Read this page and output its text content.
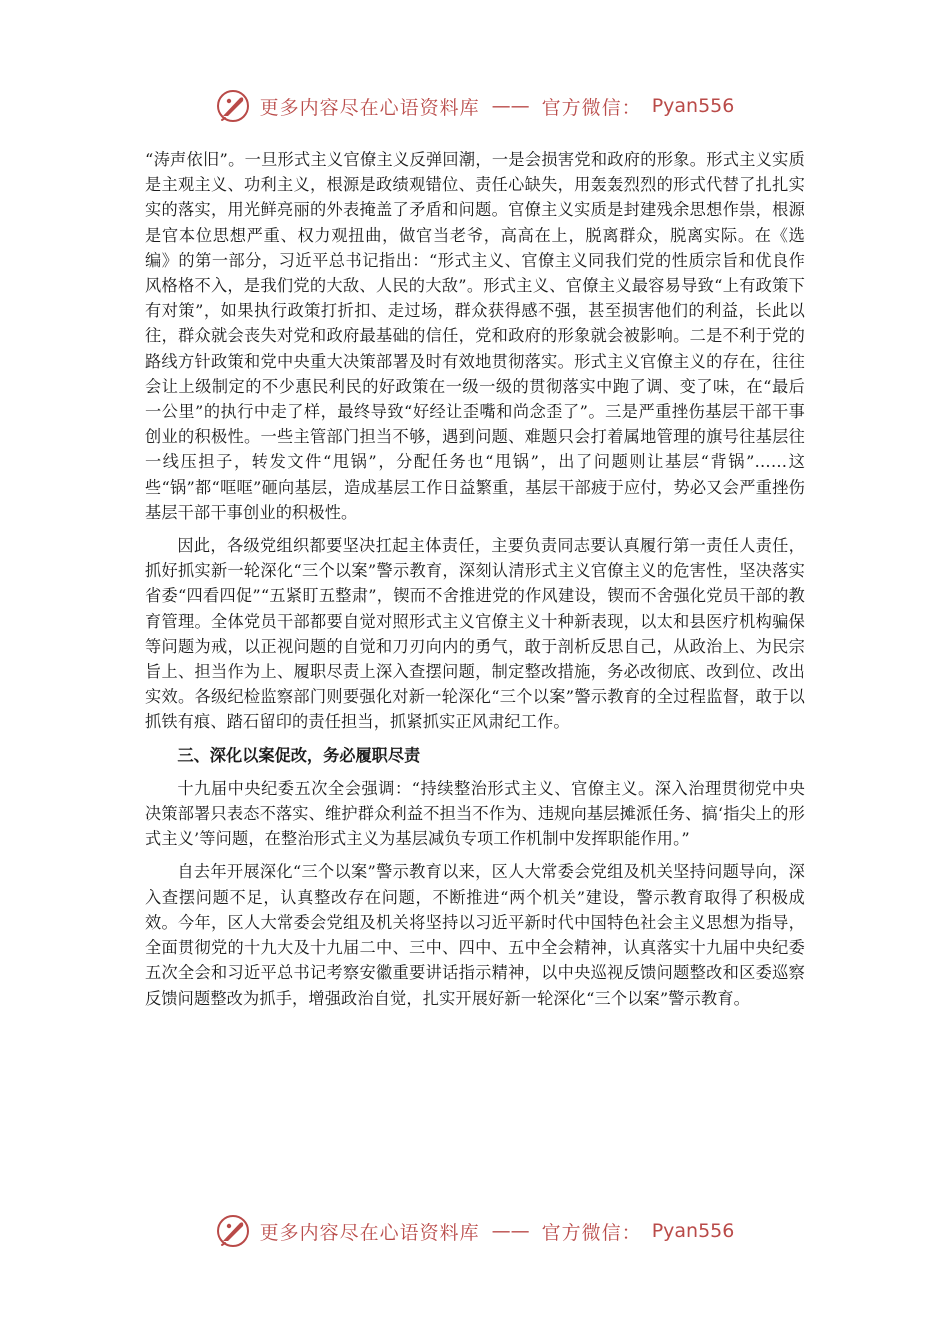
更多内容尽在心语资料库 —— 官方微信： Pyan556

“涛声依旧”。一旦形式主义官僚主义反弹回潮，一是会损害党和政府的形象。形式主义实质是主观主义、功利主义，根源是政绩观错位、责任心缺失，用轰轰烈烈的形式代替了扎扎实实的落实，用光鲜亮丽的外表掩盖了矛盾和问题。官僚主义实质是封建残余思想作祟，根源是官本位思想严重、权力观扭曲，做官当老爷，高高在上，脱离群众，脱离实际。在《选编》的第一部分，习近平总书记指出：“形式主义、官僚主义同我们党的性质宗旨和优良作风格格不入，是我们党的大敌、人民的大敌”。形式主义、官僚主义最容易导致“上有政策下有对策”，如果执行政策打折扣、走过场，群众获得感不强，甚至损害他们的利益，长此以往，群众就会丧失对党和政府最基础的信任，党和政府的形象就会被影响。二是不利于党的路线方针政策和党中央重大决策部署及时有效地贯彻落实。形式主义官僚主义的存在，往往会让上级制定的不少惠民利民的好政策在一级一级的贯彻落实中跑了调、变了味，在“最后一公里”的执行中走了样，最终导致“好经让歪嘴和尚念歪了”。三是严重挫伤基层干部干事创业的积极性。一些主管部门担当不够，遇到问题、难题只会打着属地管理的旗号往基层往一线压担子，转发文件“甩锅”，分配任务也“甩锅”，出了问题则让基层“背锅”……这些“锅”都“哐哐”砸向基层，造成基层工作日益繁重，基层干部疲于应付，势必又会严重挫伤基层干部干事创业的积极性。

因此，各级党组织都要坚决扛起主体责任，主要负责同志要认真履行第一责任人责任，抓好抓实新一轮深化“三个以案”警示教育，深刻认清形式主义官僚主义的危害性，坚决落实省委“四看四促”“五紧盯五整肃”，锲而不舍推进党的作风建设，锲而不舍强化党员干部的教育管理。全体党员干部都要自觉对照形式主义官僚主义十种新表现，以太和县医疗机构骗保等问题为戒，以正视问题的自觉和刀刃向内的勇气，敢于剖析反思自己，从政治上、为民宗旨上、担当作为上、履职尽责上深入查摆问题，制定整改措施，务必改彻底、改到位、改出实效。各级纪检监察部门则要强化对新一轮深化“三个以案”警示教育的全过程监督，敢于以抓铁有痕、踏石留印的责任担当，抓紧抓实正风肃纪工作。

三、深化以案促改，务必履职尽责

十九届中央纪委五次全会强调：“持续整治形式主义、官僚主义。深入治理贯彻党中央决策部署只表态不落实、维护群众利益不担当不作为、违规向基层摊派任务、搞‘指尖上的形式主义’等问题，在整治形式主义为基层减负专项工作机制中发挥职能作用。”

自去年开展深化“三个以案”警示教育以来，区人大常委会党组及机关坚持问题导向，深入查摆问题不足，认真整改存在问题，不断推进“两个机关”建设，警示教育取得了积极成效。今年，区人大常委会党组及机关将坚持以习近平新时代中国特色社会主义思想为指导，全面贯彻党的十九大及十九届二中、三中、四中、五中全会精神，认真落实十九届中央纪委五次全会和习近平总书记考察安徽重要讲话指示精神，以中央巡视反馈问题整改和区委巡察反馈问题整改为抓手，增强政治自觉，扎实开展好新一轮深化“三个以案”警示教育。

更多内容尽在心语资料库 —— 官方微信： Pyan556
